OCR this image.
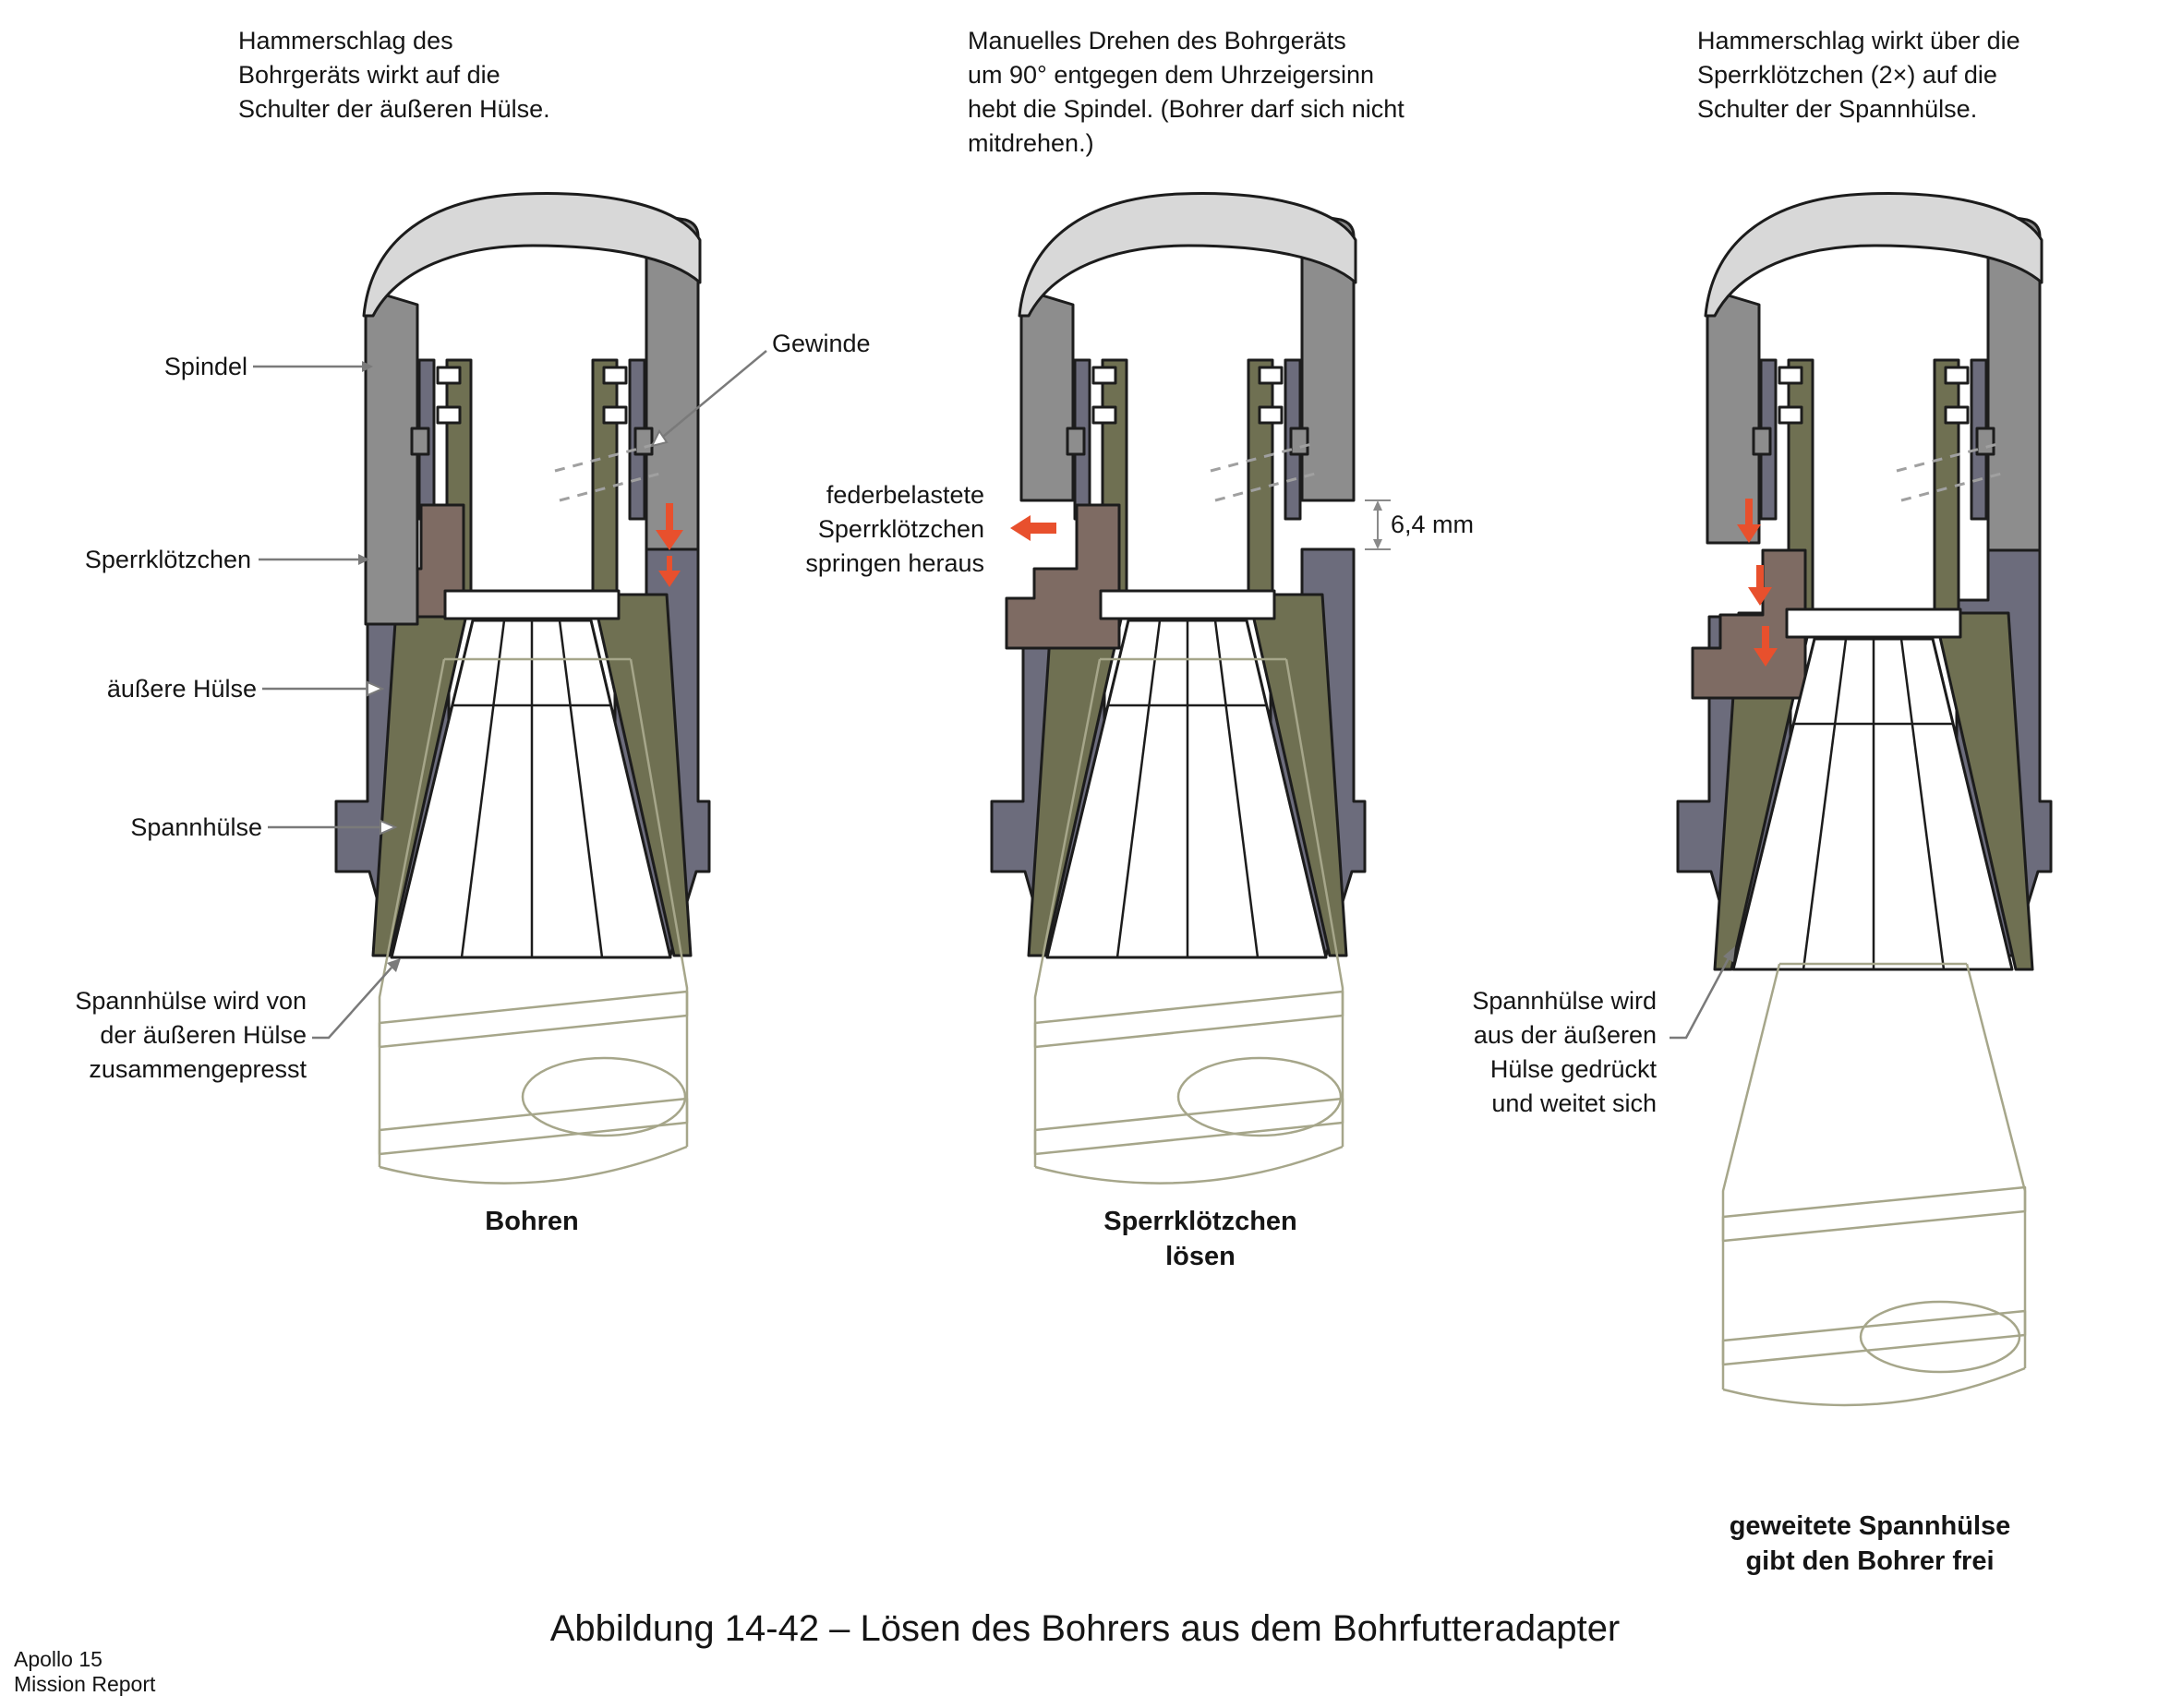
Hammerschlag des
Bohrgeräts wirkt auf die
Schulter der äußeren Hülse.
Manuelles Drehen des Bohrgeräts
um 90° entgegen dem Uhrzeigersinn
hebt die Spindel. (Bohrer darf sich nicht
mitdrehen.)
Hammerschlag wirkt über die
Sperrklötzchen (2×) auf die
Schulter der Spannhülse.
Spindel
Sperrklötzchen
äußere Hülse
Spannhülse
Gewinde
6,4 mm
Spannhülse wird von
der äußeren Hülse
zusammengepresst
federbelastete
Sperrklötzchen
springen heraus
Spannhülse wird
aus der äußeren
Hülse gedrückt
und weitet sich
Bohren	Sperrklötzchen
lösen
geweitete Spannhülse
gibt den Bohrer frei
Abbildung 14-42 – Lösen des Bohrers aus dem Bohrfutteradapter
Apollo 15
Mission Report
